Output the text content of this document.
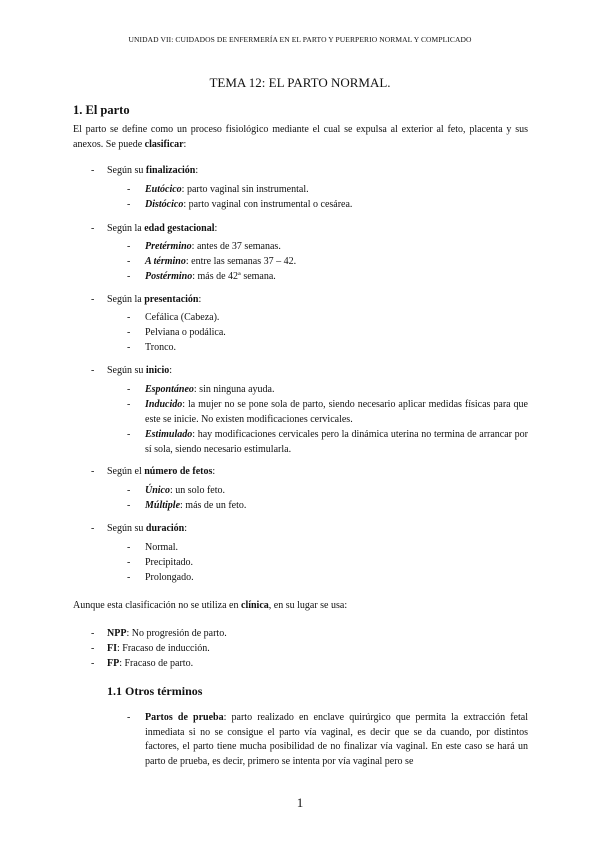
UNIDAD VII: CUIDADOS DE ENFERMERÍA EN EL PARTO Y PUERPERIO NORMAL Y COMPLICADO
TEMA 12: EL PARTO NORMAL.
1. El parto
El parto se define como un proceso fisiológico mediante el cual se expulsa al exterior al feto, placenta y sus anexos. Se puede clasificar:
- Según su finalización:
- Eutócico: parto vaginal sin instrumental.
- Distócico: parto vaginal con instrumental o cesárea.
- Según la edad gestacional:
- Pretérmino: antes de 37 semanas.
- A término: entre las semanas 37 – 42.
- Postérmino: más de 42ª semana.
- Según la presentación:
- Cefálica (Cabeza).
- Pelviana o podálica.
- Tronco.
- Según su inicio:
- Espontáneo: sin ninguna ayuda.
- Inducido: la mujer no se pone sola de parto, siendo necesario aplicar medidas físicas para que este se inicie. No existen modificaciones cervicales.
- Estimulado: hay modificaciones cervicales pero la dinámica uterina no termina de arrancar por sí sola, siendo necesario estimularla.
- Según el número de fetos:
- Único: un solo feto.
- Múltiple: más de un feto.
- Según su duración:
- Normal.
- Precipitado.
- Prolongado.
Aunque esta clasificación no se utiliza en clínica, en su lugar se usa:
- NPP: No progresión de parto.
- FI: Fracaso de inducción.
- FP: Fracaso de parto.
1.1 Otros términos
- Partos de prueba: parto realizado en enclave quirúrgico que permita la extracción fetal inmediata si no se consigue el parto vía vaginal, es decir que se da cuando, por distintos factores, el parto tiene mucha posibilidad de no finalizar vía vaginal. En este caso se hará un parto de prueba, es decir, primero se intenta por vía vaginal pero se
1
